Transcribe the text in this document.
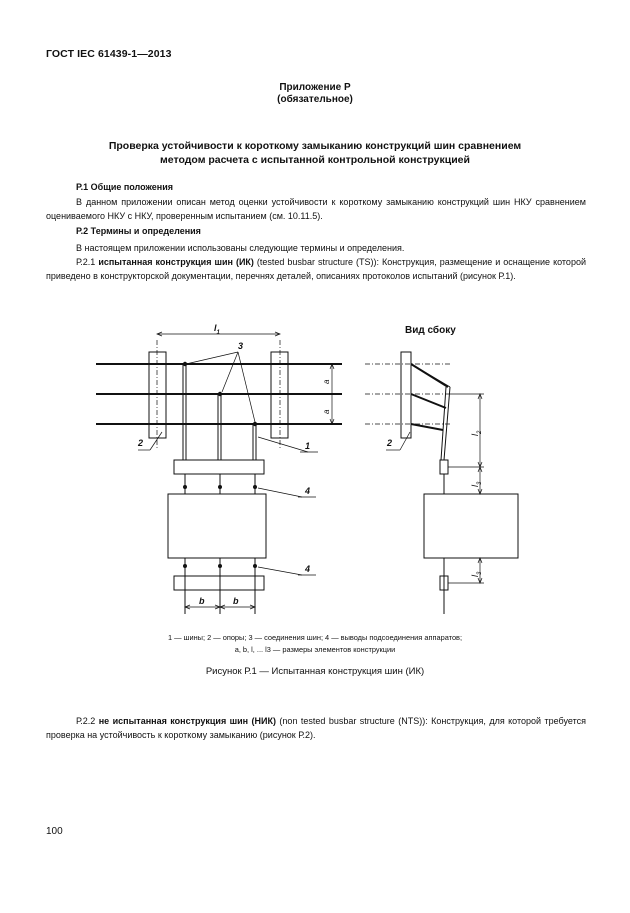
ГОСТ IEC 61439-1—2013
Приложение Р
(обязательное)
Проверка устойчивости к короткому замыканию конструкций шин сравнением
методом расчета с испытанной контрольной конструкцией
Р.1 Общие положения

В данном приложении описан метод оценки устойчивости к короткому замыканию конструкций шин НКУ сравнением оцениваемого НКУ с НКУ, проверенным испытанием (см. 10.11.5).

Р.2 Термины и определения

В настоящем приложении использованы следующие термины и определения.

Р.2.1 испытанная конструкция шин (ИК) (tested busbar structure (TS)): Конструкция, размещение и оснащение которой приведено в конструкторской документации, перечнях деталей, описаниях протоколов испытаний (рисунок Р.1).

$l_1$
b	b
a
a
3
2	1
4
4
Вид сбоку
$l_2$
$l_3$
$l_3$
2
1 — шины; 2 — опоры; 3 — соединения шин; 4 — выводы подсоединения аппаратов;
a, b, l, ... l3 — размеры элементов конструкции
Рисунок Р.1 — Испытанная конструкция шин (ИК)

Р.2.2 не испытанная конструкция шин (НИК) (non tested busbar structure (NTS)): Конструкция, для которой требуется проверка на устойчивость к короткому замыканию (рисунок Р.2).

100
